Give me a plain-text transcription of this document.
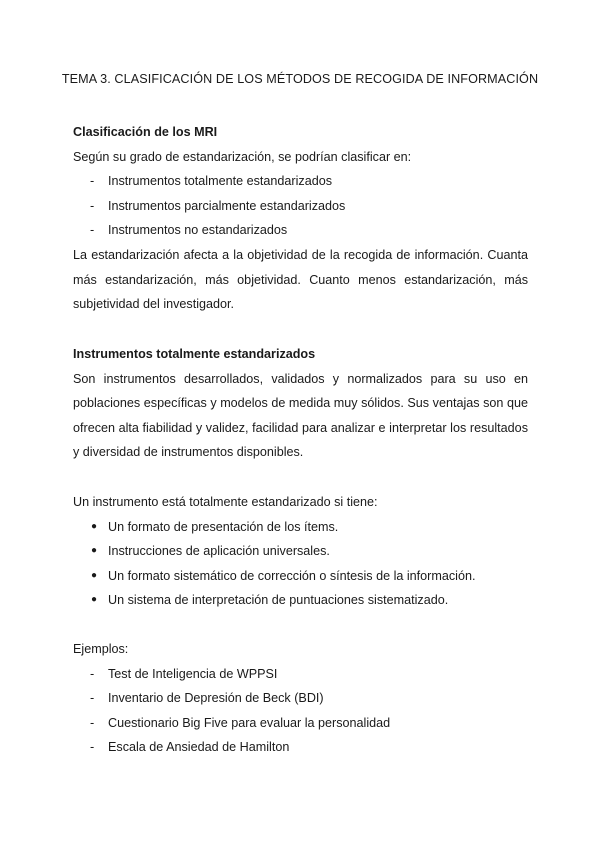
TEMA 3. CLASIFICACIÓN DE LOS MÉTODOS DE RECOGIDA DE INFORMACIÓN
Clasificación de los MRI

Según su grado de estandarización, se podrían clasificar en:

- Instrumentos totalmente estandarizados
- Instrumentos parcialmente estandarizados
- Instrumentos no estandarizados

La estandarización afecta a la objetividad de la recogida de información. Cuanta más estandarización, más objetividad. Cuanto menos estandarización, más subjetividad del investigador.

Instrumentos totalmente estandarizados

Son instrumentos desarrollados, validados y normalizados para su uso en poblaciones específicas y modelos de medida muy sólidos. Sus ventajas son que ofrecen alta fiabilidad y validez, facilidad para analizar e interpretar los resultados y diversidad de instrumentos disponibles.

Un instrumento está totalmente estandarizado si tiene:

● Un formato de presentación de los ítems.
● Instrucciones de aplicación universales.
● Un formato sistemático de corrección o síntesis de la información.
● Un sistema de interpretación de puntuaciones sistematizado.

Ejemplos:

- Test de Inteligencia de WPPSI
- Inventario de Depresión de Beck (BDI)
- Cuestionario Big Five para evaluar la personalidad
- Escala de Ansiedad de Hamilton
